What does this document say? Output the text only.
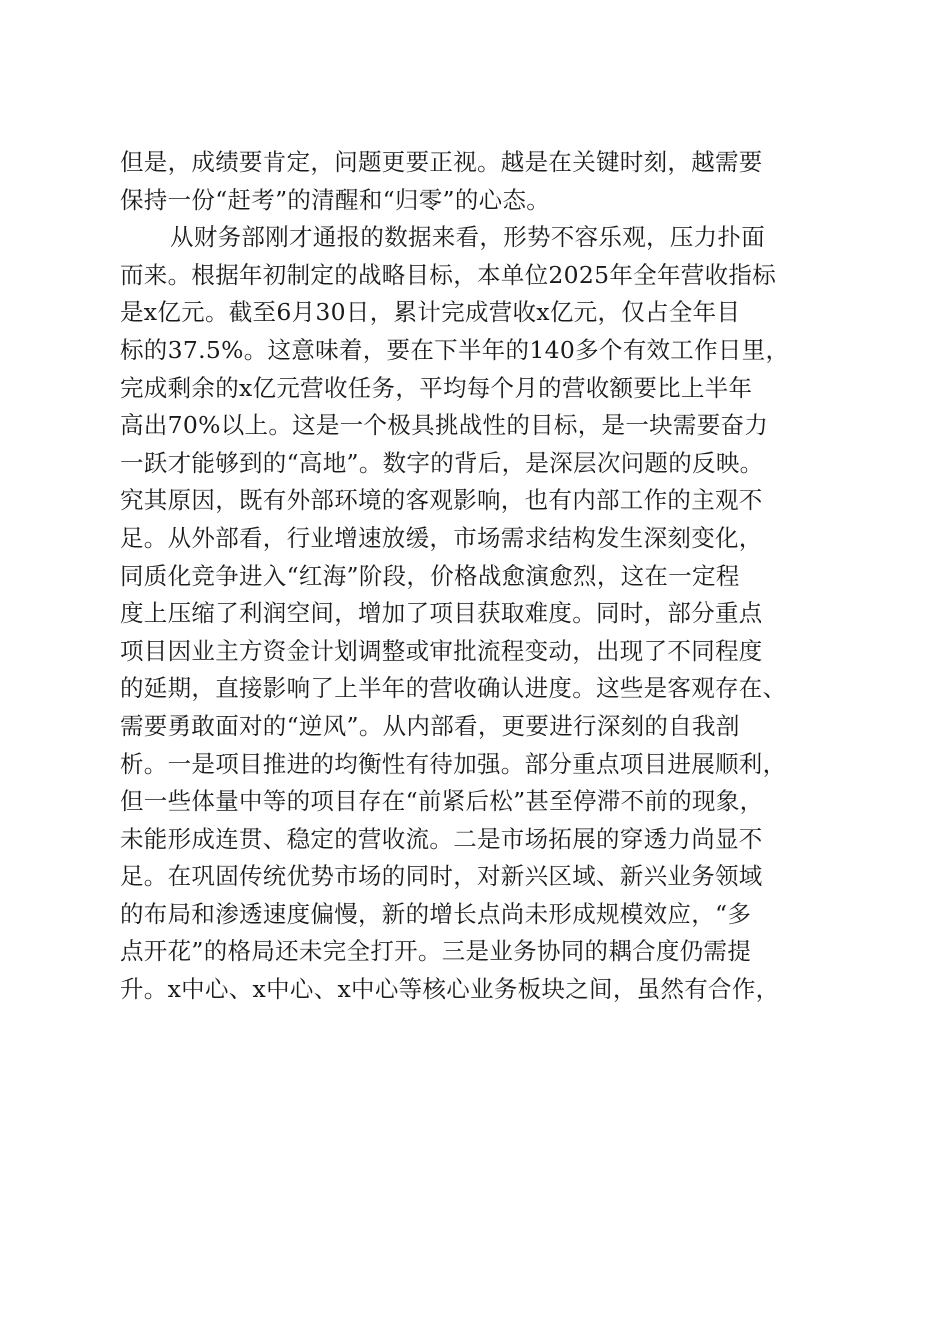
但是，成绩要肯定，问题更要正视。越是在关键时刻，越需要
保持一份“赶考”的清醒和“归零”的心态。
从财务部刚才通报的数据来看，形势不容乐观，压力扑面
而来。根据年初制定的战略目标，本单位2025年全年营收指标
是x亿元。截至6月30日，累计完成营收x亿元，仅占全年目
标的37.5%。这意味着，要在下半年的140多个有效工作日里，
完成剩余的x亿元营收任务，平均每个月的营收额要比上半年
高出70%以上。这是一个极具挑战性的目标，是一块需要奋力
一跃才能够到的“高地”。数字的背后，是深层次问题的反映。
究其原因，既有外部环境的客观影响，也有内部工作的主观不
足。从外部看，行业增速放缓，市场需求结构发生深刻变化，
同质化竞争进入“红海”阶段，价格战愈演愈烈，这在一定程
度上压缩了利润空间，增加了项目获取难度。同时，部分重点
项目因业主方资金计划调整或审批流程变动，出现了不同程度
的延期，直接影响了上半年的营收确认进度。这些是客观存在、
需要勇敢面对的“逆风”。从内部看，更要进行深刻的自我剖
析。一是项目推进的均衡性有待加强。部分重点项目进展顺利，
但一些体量中等的项目存在“前紧后松”甚至停滞不前的现象，
未能形成连贯、稳定的营收流。二是市场拓展的穿透力尚显不
足。在巩固传统优势市场的同时，对新兴区域、新兴业务领域
的布局和渗透速度偏慢，新的增长点尚未形成规模效应，“多
点开花”的格局还未完全打开。三是业务协同的耦合度仍需提
升。x中心、x中心、x中心等核心业务板块之间，虽然有合作，
